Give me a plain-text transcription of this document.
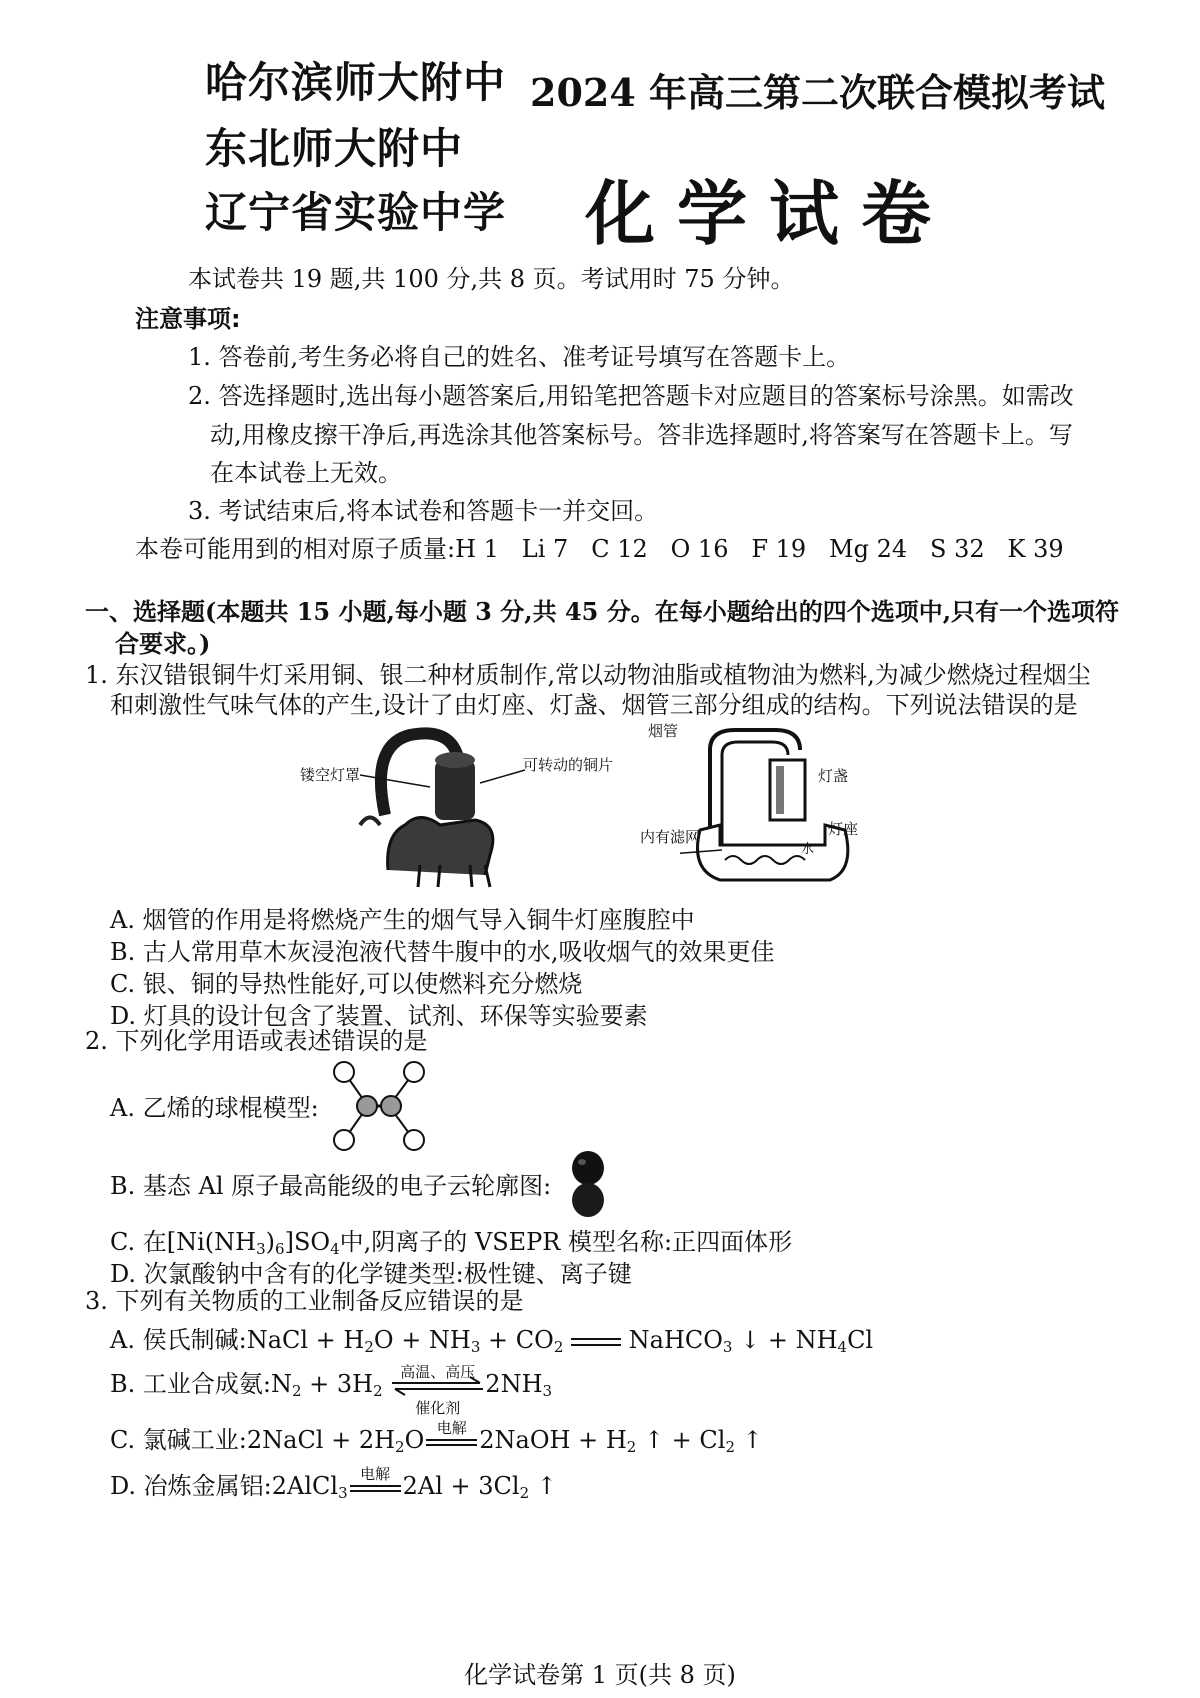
哈尔滨师大附中
东北师大附中
辽宁省实验中学
2024 年高三第二次联合模拟考试
化学试卷
本试卷共 19 题,共 100 分,共 8 页。考试用时 75 分钟。
注意事项:
1. 答卷前,考生务必将自己的姓名、准考证号填写在答题卡上。
2. 答选择题时,选出每小题答案后,用铅笔把答题卡对应题目的答案标号涂黑。如需改
动,用橡皮擦干净后,再选涂其他答案标号。答非选择题时,将答案写在答题卡上。写
在本试卷上无效。
3. 考试结束后,将本试卷和答题卡一并交回。
本卷可能用到的相对原子质量:H 1   Li 7   C 12   O 16   F 19   Mg 24   S 32   K 39
一、选择题(本题共 15 小题,每小题 3 分,共 45 分。在每小题给出的四个选项中,只有一个选项符
合要求。)
1. 东汉错银铜牛灯采用铜、银二种材质制作,常以动物油脂或植物油为燃料,为减少燃烧过程烟尘
和刺激性气味气体的产生,设计了由灯座、灯盏、烟管三部分组成的结构。下列说法错误的是
镂空灯罩
可转动的铜片
烟管
灯盏
灯座
内有滤网
水
A. 烟管的作用是将燃烧产生的烟气导入铜牛灯座腹腔中
B. 古人常用草木灰浸泡液代替牛腹中的水,吸收烟气的效果更佳
C. 银、铜的导热性能好,可以使燃料充分燃烧
D. 灯具的设计包含了装置、试剂、环保等实验要素
2. 下列化学用语或表述错误的是
A. 乙烯的球棍模型:
B. 基态 Al 原子最高能级的电子云轮廓图:
C. 在$[Ni(NH_3)_6]SO_4$中,阴离子的 VSEPR 模型名称:正四面体形
D. 次氯酸钠中含有的化学键类型:极性键、离子键
3. 下列有关物质的工业制备反应错误的是
A. 侯氏制碱:NaCl + $H_2O + NH_3 + CO_2$  NaHCO$_3$ ↓ + $NH_4Cl$
B. 工业合成氨$:N_2 + 3H_2$
高温、高压
催化剂
$2NH_3$
C. 氯碱工业:2NaCl + $2H_2O$ 电解 2NaOH + $H_2$ ↑ + $Cl_2$ ↑
D. 冶炼金属铝:2AlCl$_3$
电解 $2Al + 3Cl_2$ ↑
化学试卷第 1 页(共 8 页)
